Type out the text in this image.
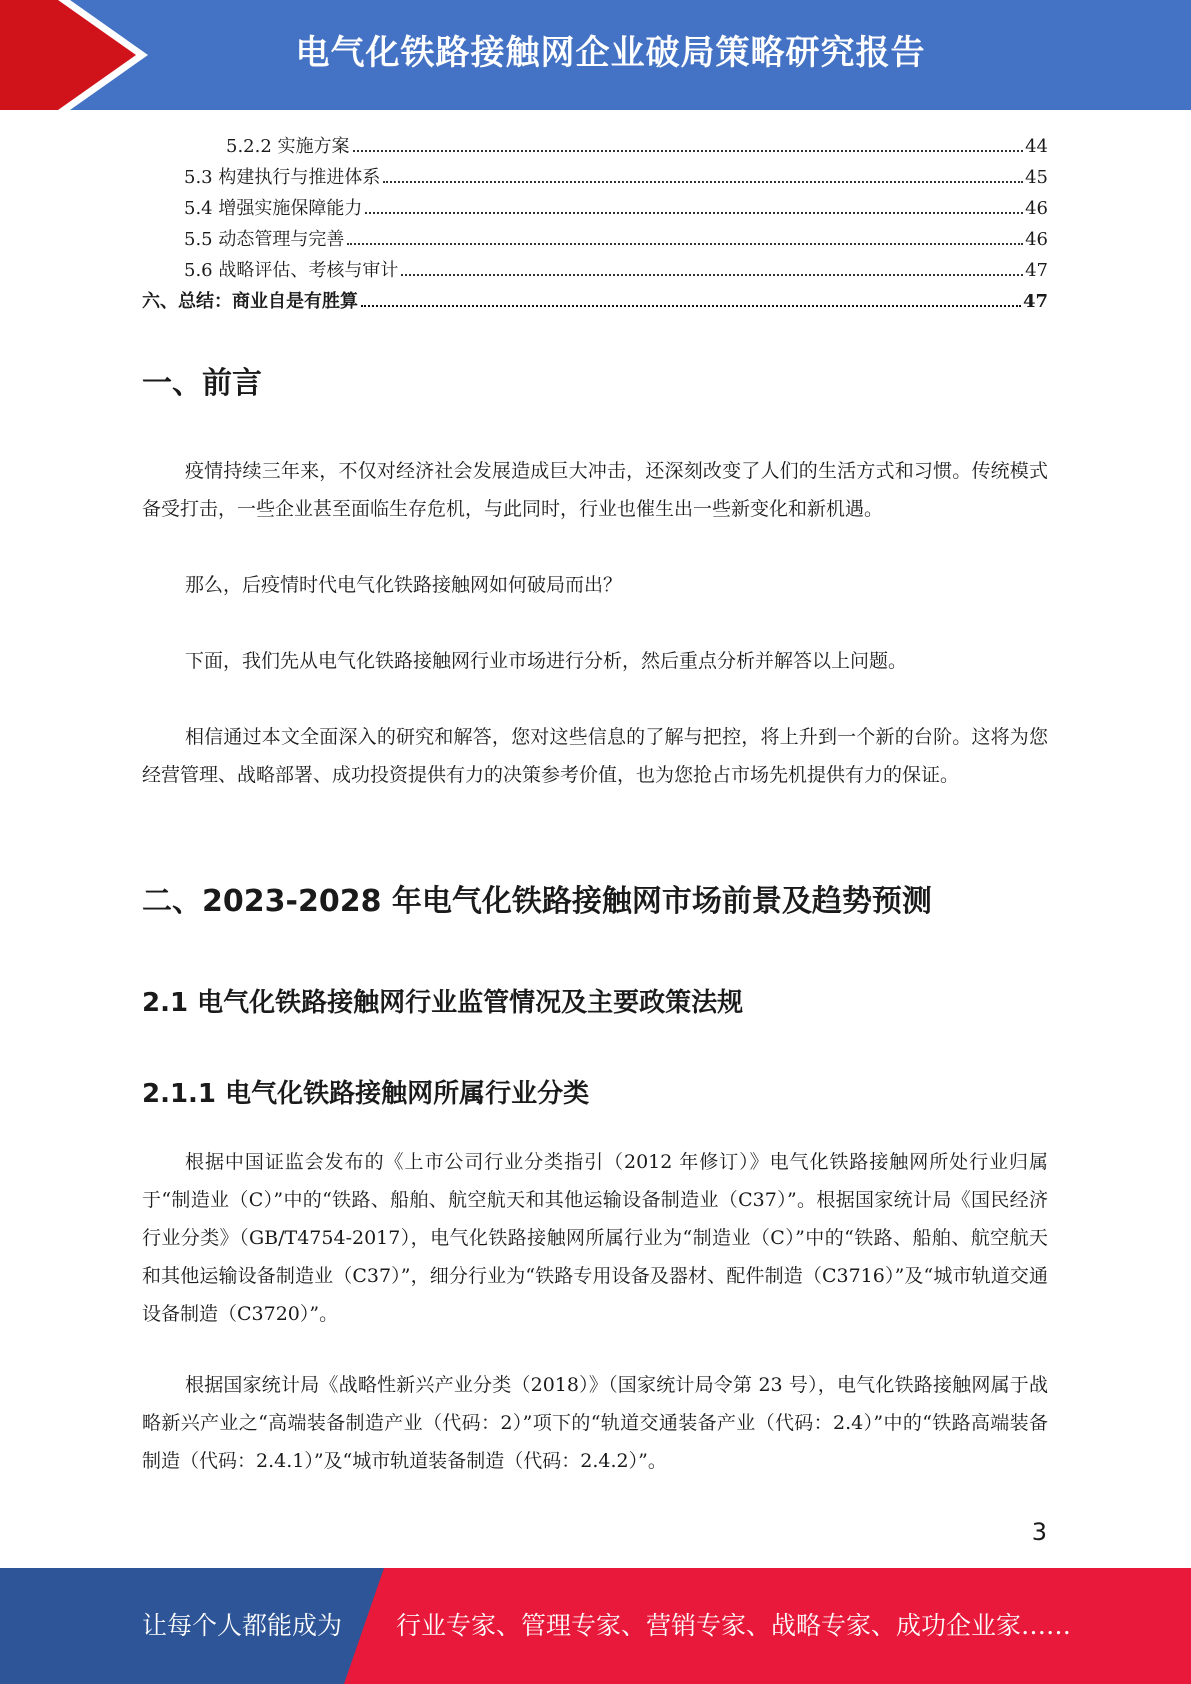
电气化铁路接触网企业破局策略研究报告
5.2.2 实施方案	44
5.3 构建执行与推进体系	45
5.4 增强实施保障能力	46
5.5 动态管理与完善	46
5.6 战略评估、考核与审计	47
六、总结：商业自是有胜算	47
一、前言
疫情持续三年来，不仅对经济社会发展造成巨大冲击，还深刻改变了人们的生活方式和习惯。传统模式备受打击，一些企业甚至面临生存危机，与此同时，行业也催生出一些新变化和新机遇。
那么，后疫情时代电气化铁路接触网如何破局而出？
下面，我们先从电气化铁路接触网行业市场进行分析，然后重点分析并解答以上问题。
相信通过本文全面深入的研究和解答，您对这些信息的了解与把控，将上升到一个新的台阶。这将为您经营管理、战略部署、成功投资提供有力的决策参考价值，也为您抢占市场先机提供有力的保证。
二、2023-2028 年电气化铁路接触网市场前景及趋势预测
2.1 电气化铁路接触网行业监管情况及主要政策法规
2.1.1 电气化铁路接触网所属行业分类
根据中国证监会发布的《上市公司行业分类指引（2012 年修订）》电气化铁路接触网所处行业归属于“制造业（C）”中的“铁路、船舶、航空航天和其他运输设备制造业（C37）”。根据国家统计局《国民经济行业分类》（GB/T4754-2017），电气化铁路接触网所属行业为“制造业（C）”中的“铁路、船舶、航空航天和其他运输设备制造业（C37）”，细分行业为“铁路专用设备及器材、配件制造（C3716）”及“城市轨道交通设备制造（C3720）”。
根据国家统计局《战略性新兴产业分类（2018）》（国家统计局令第 23 号），电气化铁路接触网属于战略新兴产业之“高端装备制造产业（代码：2）”项下的“轨道交通装备产业（代码：2.4）”中的“铁路高端装备制造（代码：2.4.1）”及“城市轨道装备制造（代码：2.4.2）”。
3
让每个人都能成为 行业专家、管理专家、营销专家、战略专家、成功企业家……
